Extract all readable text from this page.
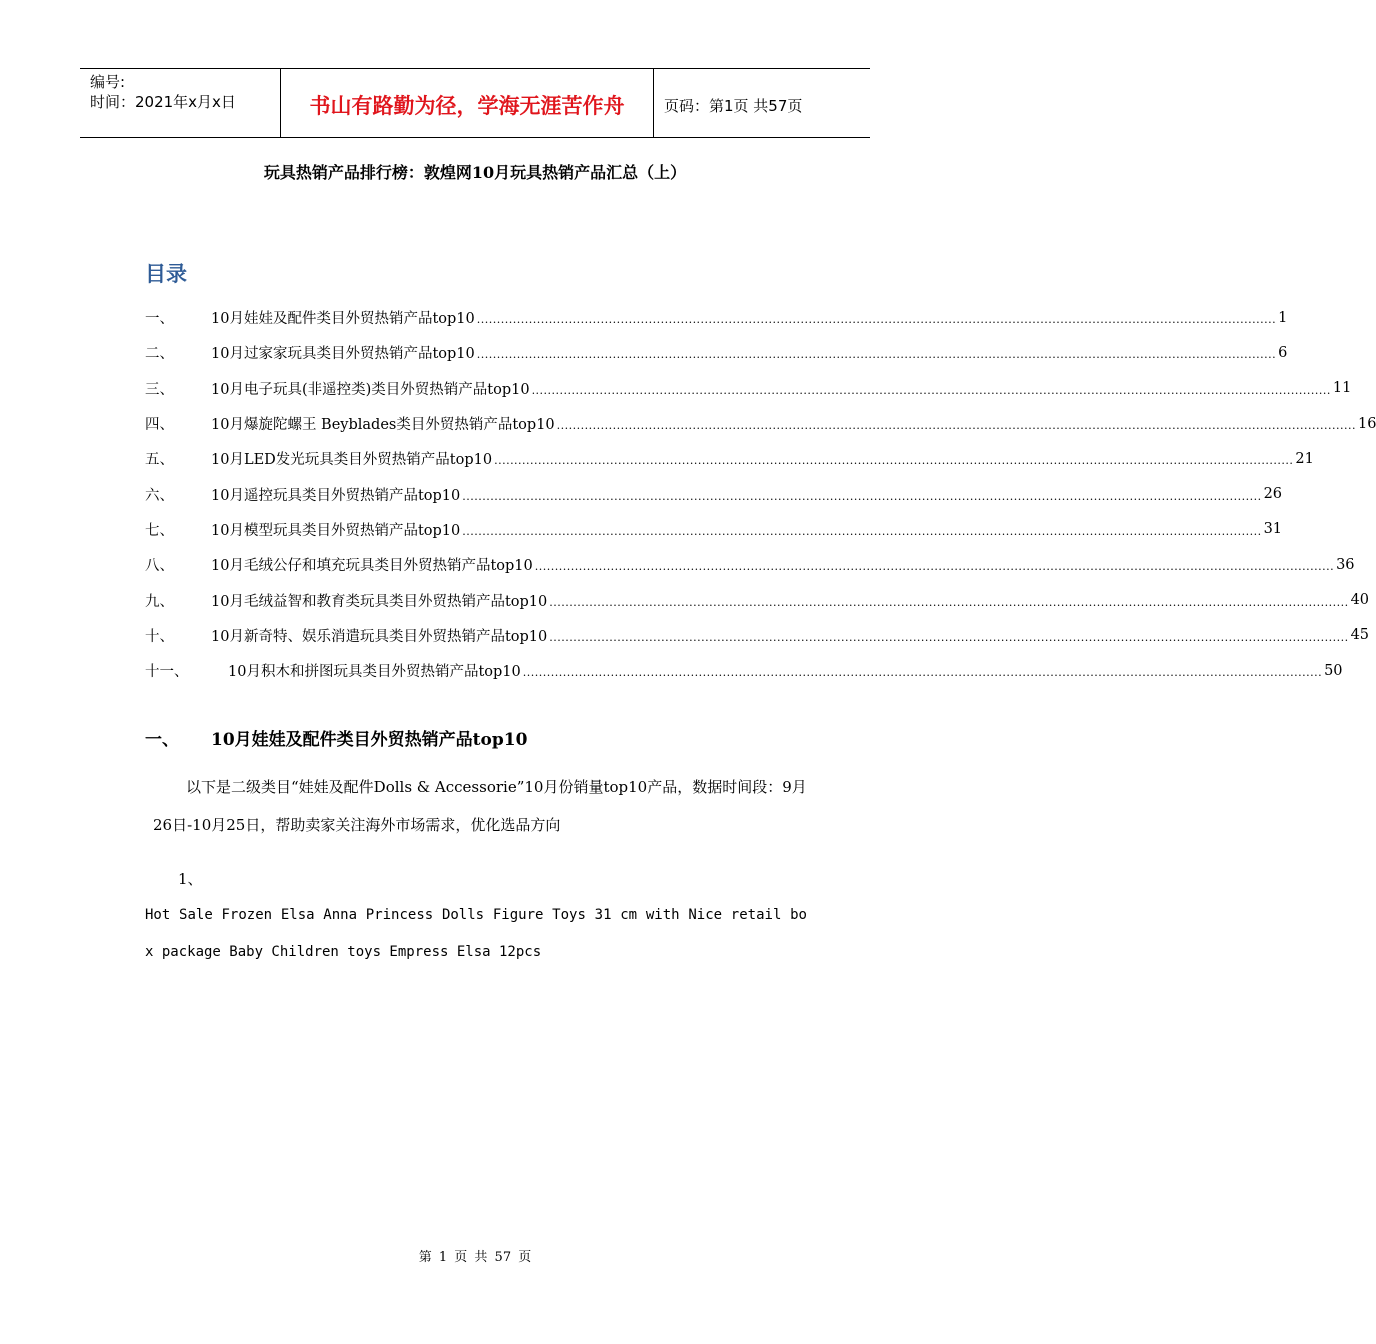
编号:
时间：2021年x月x日	书山有路勤为径，学海无涯苦作舟	页码：第1页 共57页
玩具热销产品排行榜：敦煌网10月玩具热销产品汇总（上）
目录
一、	10月娃娃及配件类目外贸热销产品top10 ........................................................................................................................................................................................................ 1
二、	10月过家家玩具类目外贸热销产品top10 ........................................................................................................................................................................................................ 6
三、	10月电子玩具(非遥控类)类目外贸热销产品top10 ........................................................................................................................................................................................................ 11
四、	10月爆旋陀螺王 Beyblades类目外贸热销产品top10 ........................................................................................................................................................................................................ 16
五、	10月LED发光玩具类目外贸热销产品top10 ........................................................................................................................................................................................................ 21
六、	10月遥控玩具类目外贸热销产品top10 ........................................................................................................................................................................................................ 26
七、	10月模型玩具类目外贸热销产品top10 ........................................................................................................................................................................................................ 31
八、	10月毛绒公仔和填充玩具类目外贸热销产品top10 ........................................................................................................................................................................................................ 36
九、	10月毛绒益智和教育类玩具类目外贸热销产品top10 ........................................................................................................................................................................................................ 40
十、	10月新奇特、娱乐消遣玩具类目外贸热销产品top10 ........................................................................................................................................................................................................ 45
十一、	10月积木和拼图玩具类目外贸热销产品top10 ........................................................................................................................................................................................................ 50
一、	10月娃娃及配件类目外贸热销产品top10
以下是二级类目“娃娃及配件Dolls & Accessorie”10月份销量top10产品，数据时间段：9月26日-10月25日，帮助卖家关注海外市场需求，优化选品方向
1、
Hot Sale Frozen Elsa Anna Princess Dolls Figure Toys 31 cm with Nice retail box package Baby Children toys Empress Elsa 12pcs
第 1 页 共 57 页
